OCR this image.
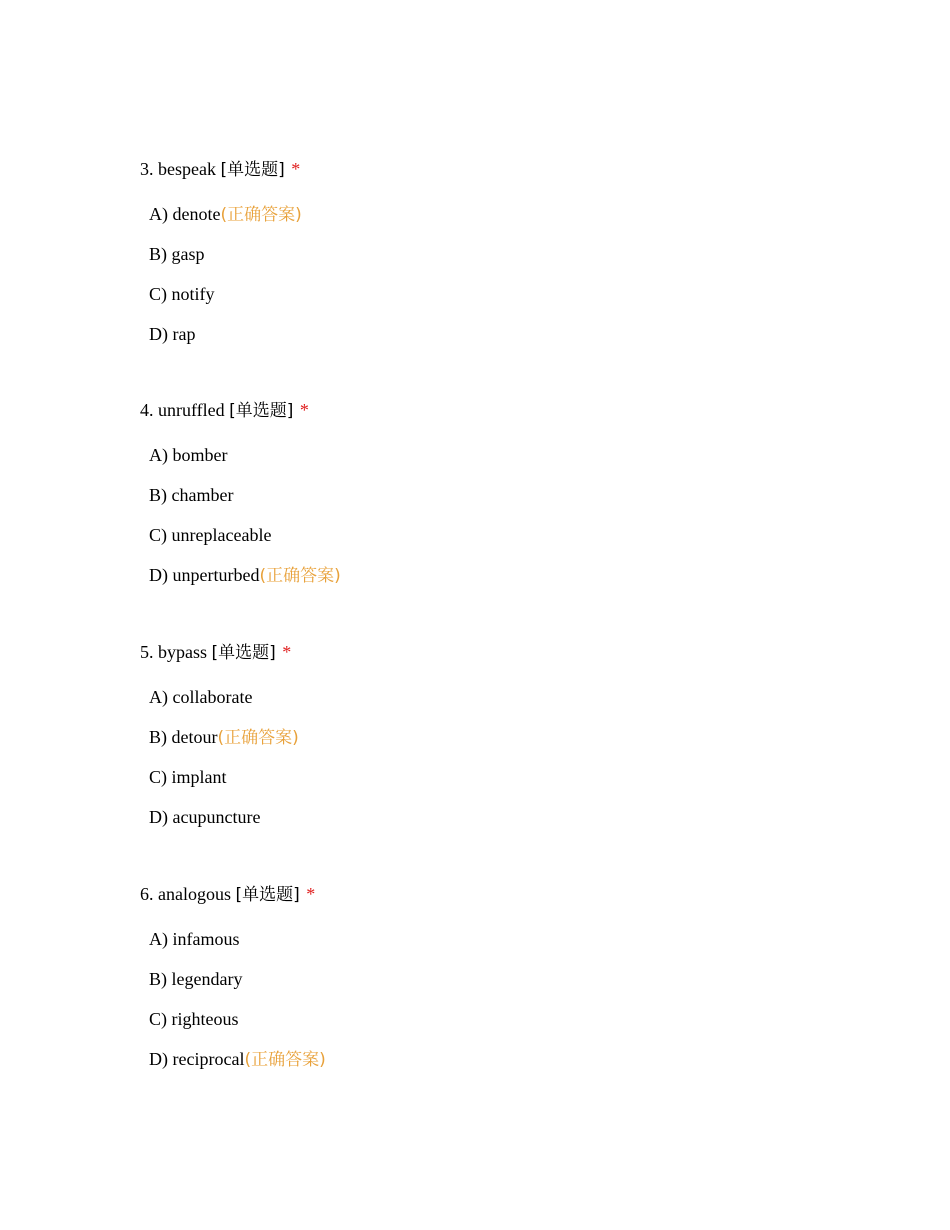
3. bespeak [单选题] *
A) denote(正确答案)
B) gasp
C) notify
D) rap
4. unruffled [单选题] *
A) bomber
B) chamber
C) unreplaceable
D) unperturbed(正确答案)
5. bypass [单选题] *
A) collaborate
B) detour(正确答案)
C) implant
D) acupuncture
6. analogous [单选题] *
A) infamous
B) legendary
C) righteous
D) reciprocal(正确答案)
